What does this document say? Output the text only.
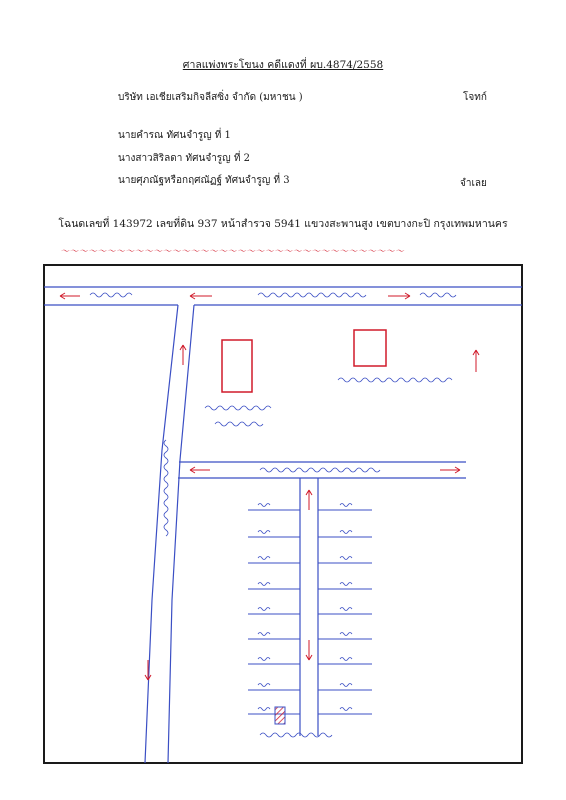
ศาลแพ่งพระโขนง คดีแดงที่ ผบ.4874/2558
บริษัท เอเชียเสริมกิจลีสซิ่ง จำกัด (มหาชน )	โจทก์
นายคำรณ ทัศนจำรูญ ที่ 1
นางสาวสิริลดา ทัศนจำรูญ ที่ 2
นายศุภณัฐหรือกฤศณัฏฐ์ ทัศนจำรูญ ที่ 3	จำเลย
โฉนดเลขที่ 143972 เลขที่ดิน 937 หน้าสำรวจ 5941 แขวงสะพานสูง เขตบางกะปิ กรุงเทพมหานคร
〜〜〜〜〜〜〜〜〜〜〜〜〜〜〜〜〜〜〜〜〜〜〜〜〜〜〜〜〜〜〜〜〜〜〜〜〜
